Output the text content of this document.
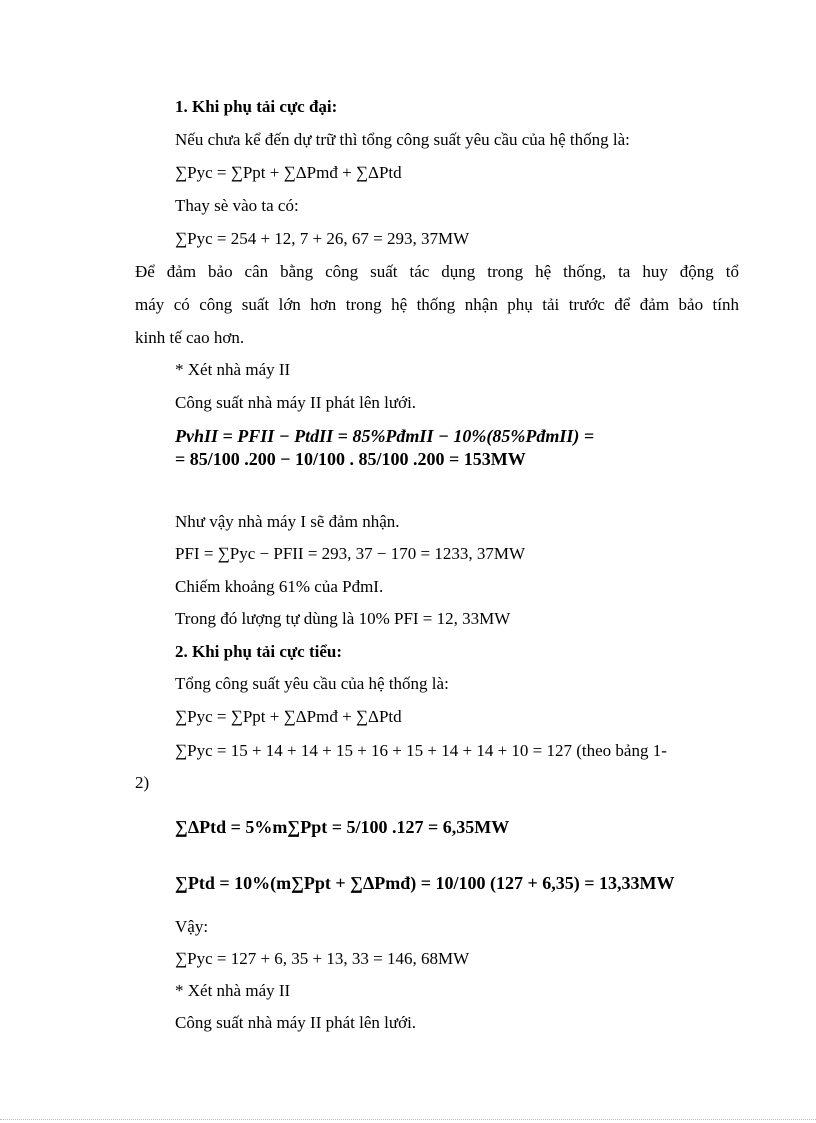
1. Khi phụ tải cực đại:
Nếu chưa kể đến dự trữ thì tổng công suất yêu cầu của hệ thống là:
∑Pyc = ∑Ppt + ∑ΔPmđ + ∑ΔPtd
Thay sè vào ta có:
∑Pyc = 254 + 12, 7 + 26, 67 = 293, 37MW
Để đảm bảo cân bằng công suất tác dụng trong hệ thống, ta huy động tổ
máy có công suất lớn hơn trong hệ thống nhận phụ tải trước để đảm bảo tính
kinh tế cao hơn.
* Xét nhà máy II
Công suất nhà máy II phát lên lưới.
PvhII = PFII − PtdII = 85%PđmII − 10%(85%PđmII) =
= 85/100 .200 − 10/100 . 85/100 .200 = 153MW
Như vậy nhà máy I sẽ đảm nhận.
PFI = ∑Pyc − PFII = 293, 37 − 170 = 1233, 37MW
Chiếm khoảng 61% của PđmI.
Trong đó lượng tự dùng là 10% PFI = 12, 33MW
2. Khi phụ tải cực tiểu:
Tổng công suất yêu cầu của hệ thống là:
∑Pyc = ∑Ppt + ∑ΔPmđ + ∑ΔPtd
∑Pyc = 15 + 14 + 14 + 15 + 16 + 15 + 14 + 14 + 10 = 127 (theo bảng 1-
2)
∑ΔPtd = 5%m∑Ppt = 5/100 .127 = 6,35MW
∑Ptd = 10%(m∑Ppt + ∑ΔPmđ) = 10/100 (127 + 6,35) = 13,33MW
Vậy:
∑Pyc = 127 + 6, 35 + 13, 33 = 146, 68MW
* Xét nhà máy II
Công suất nhà máy II phát lên lưới.
